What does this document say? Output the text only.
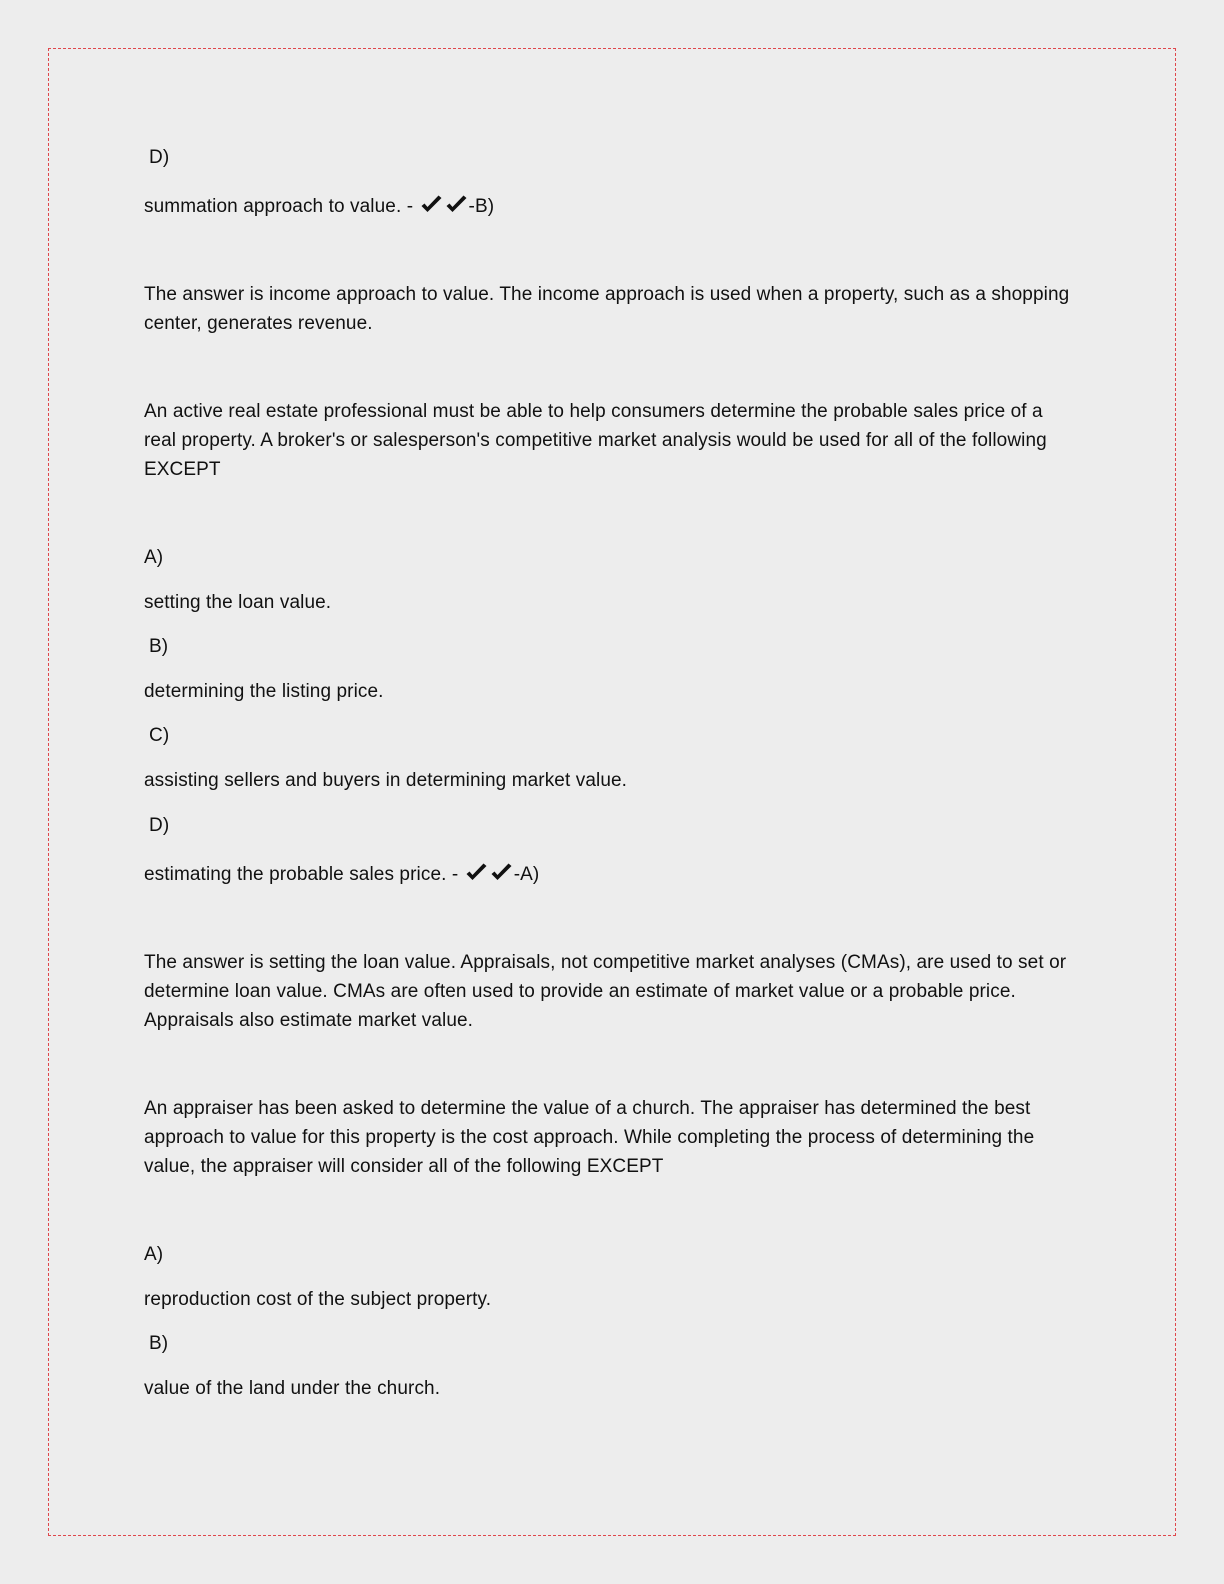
D)
summation approach to value. -	-B)
The answer is income approach to value. The income approach is used when a property, such as a shopping center, generates revenue.
An active real estate professional must be able to help consumers determine the probable sales price of a real property. A broker's or salesperson's competitive market analysis would be used for all of the following EXCEPT
A)
setting the loan value.
B)
determining the listing price.
C)
assisting sellers and buyers in determining market value.
D)
estimating the probable sales price. -	-A)
The answer is setting the loan value. Appraisals, not competitive market analyses (CMAs), are used to set or determine loan value. CMAs are often used to provide an estimate of market value or a probable price. Appraisals also estimate market value.
An appraiser has been asked to determine the value of a church. The appraiser has determined the best approach to value for this property is the cost approach. While completing the process of determining the value, the appraiser will consider all of the following EXCEPT
A)
reproduction cost of the subject property.
B)
value of the land under the church.
